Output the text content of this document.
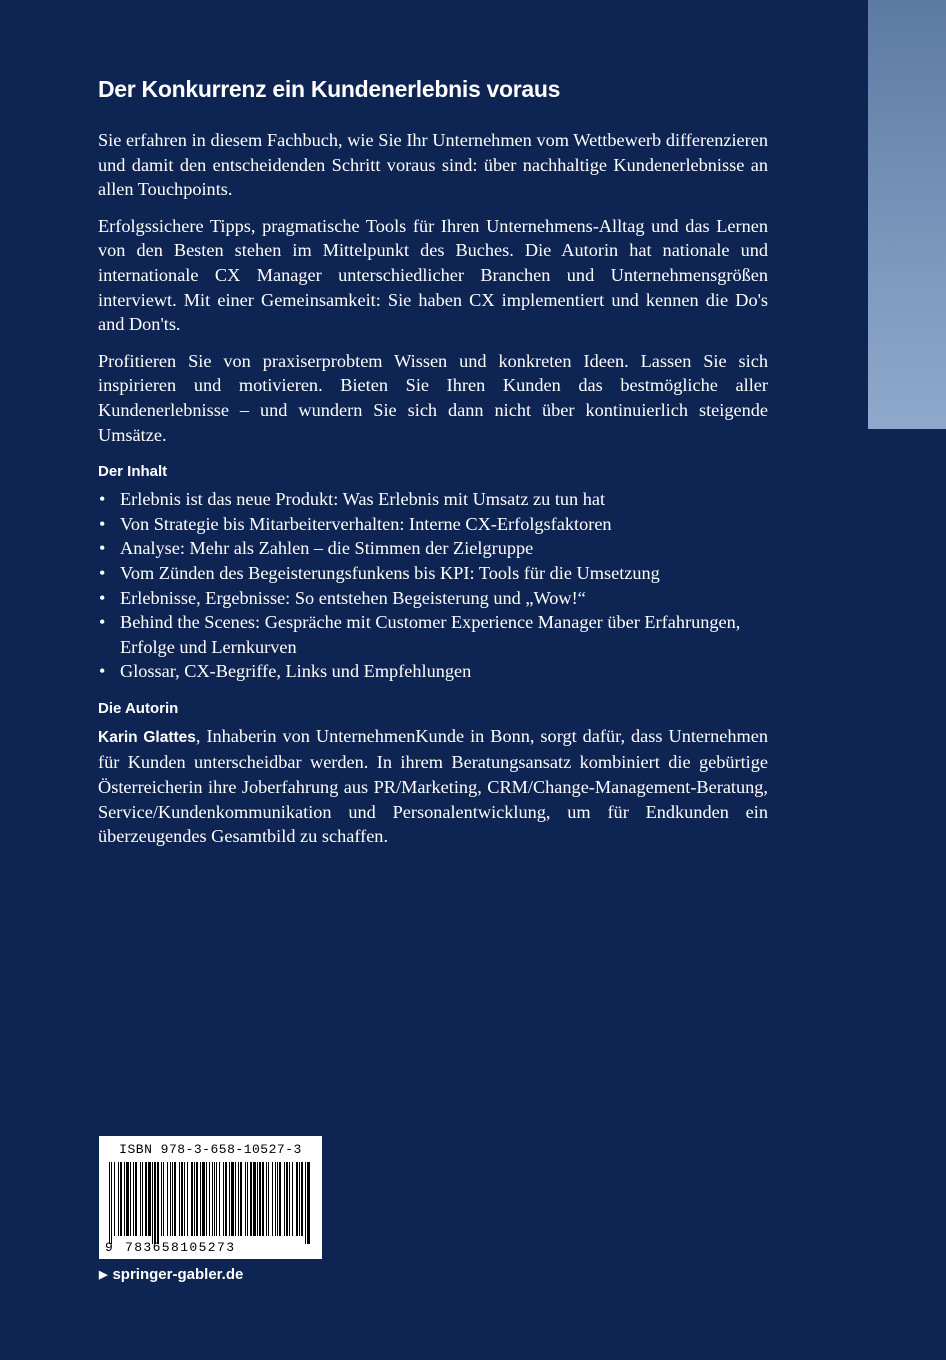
Der Konkurrenz ein Kundenerlebnis voraus

Sie erfahren in diesem Fachbuch, wie Sie Ihr Unternehmen vom Wettbewerb differenzieren und damit den entscheidenden Schritt voraus sind: über nachhaltige Kundenerlebnisse an allen Touchpoints.

Erfolgssichere Tipps, pragmatische Tools für Ihren Unternehmens-Alltag und das Lernen von den Besten stehen im Mittelpunkt des Buches. Die Autorin hat nationale und internationale CX Manager unterschiedlicher Branchen und Unternehmensgrößen interviewt. Mit einer Gemeinsamkeit: Sie haben CX implementiert und kennen die Do's and Don'ts.

Profitieren Sie von praxiserprobtem Wissen und konkreten Ideen. Lassen Sie sich inspirieren und motivieren. Bieten Sie Ihren Kunden das bestmögliche aller Kundenerlebnisse – und wundern Sie sich dann nicht über kontinuierlich steigende Umsätze.

Der Inhalt
• Erlebnis ist das neue Produkt: Was Erlebnis mit Umsatz zu tun hat
• Von Strategie bis Mitarbeiterverhalten: Interne CX-Erfolgsfaktoren
• Analyse: Mehr als Zahlen – die Stimmen der Zielgruppe
• Vom Zünden des Begeisterungsfunkens bis KPI: Tools für die Umsetzung
• Erlebnisse, Ergebnisse: So entstehen Begeisterung und „Wow!“
• Behind the Scenes: Gespräche mit Customer Experience Manager über Erfahrungen, Erfolge und Lernkurven
• Glossar, CX-Begriffe, Links und Empfehlungen
Die Autorin

Karin Glattes, Inhaberin von UnternehmenKunde in Bonn, sorgt dafür, dass Unternehmen für Kunden unterscheidbar werden. In ihrem Beratungsansatz kombiniert die gebürtige Österreicherin ihre Joberfahrung aus PR/Marketing, CRM/Change-Management-Beratung, Service/Kundenkommunikation und Personalentwicklung, um für Endkunden ein überzeugendes Gesamtbild zu schaffen.

ISBN 978-3-658-10527-3
9 783658105273
▶ springer-gabler.de
